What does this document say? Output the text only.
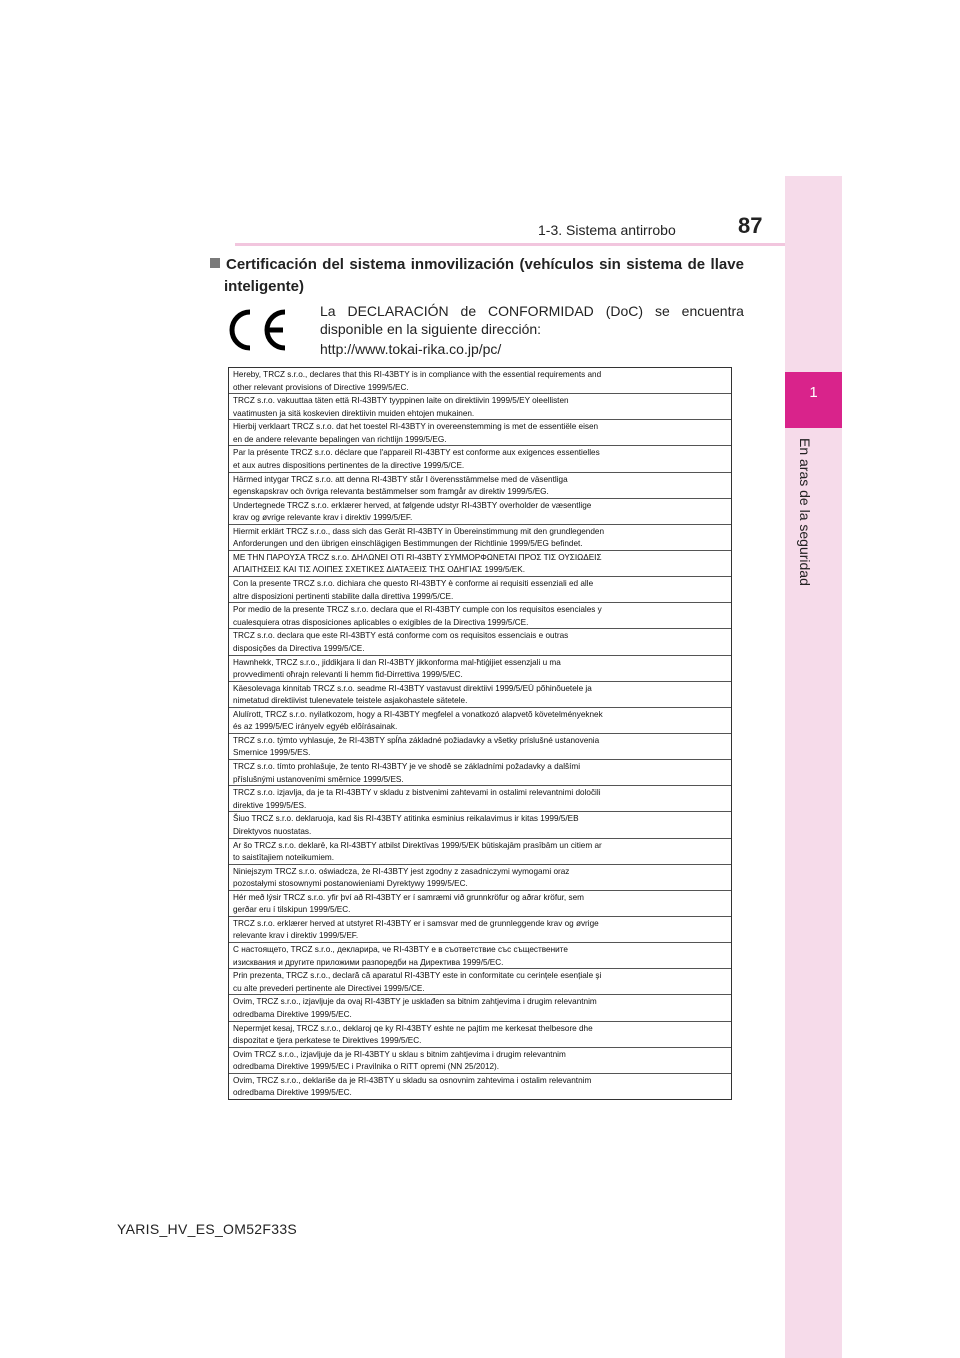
1
En aras de la seguridad
1-3. Sistema antirrobo	87
Certificación del sistema inmovilización (vehículos sin sistema de llave
inteligente)
La DECLARACIÓN de CONFORMIDAD (DoC) se encuentra
disponible en la siguiente dirección:
http://www.tokai-rika.co.jp/pc/
Hereby, TRCZ s.r.o., declares that this RI-43BTY is in compliance with the essential requirements and
other relevant provisions of Directive 1999/5/EC.
TRCZ s.r.o. vakuuttaa täten että RI-43BTY tyyppinen laite on direktiivin 1999/5/EY oleellisten
vaatimusten ja sitä koskevien direktiivin muiden ehtojen mukainen.
Hierbij verklaart TRCZ s.r.o. dat het toestel RI-43BTY in overeenstemming is met de essentiële eisen
en de andere relevante bepalingen van richtlijn 1999/5/EG.
Par la présente TRCZ s.r.o. déclare que l'appareil RI-43BTY est conforme aux exigences essentielles
et aux autres dispositions pertinentes de la directive 1999/5/CE.
Härmed intygar TRCZ s.r.o. att denna RI-43BTY står I överensstämmelse med de väsentliga
egenskapskrav och övriga relevanta bestämmelser som framgår av direktiv 1999/5/EG.
Undertegnede TRCZ s.r.o. erklærer herved, at følgende udstyr RI-43BTY overholder de væsentlige
krav og øvrige relevante krav i direktiv 1999/5/EF.
Hiermit erklärt TRCZ s.r.o., dass sich das Gerät RI-43BTY in Übereinstimmung mit den grundlegenden
Anforderungen und den übrigen einschlägigen Bestimmungen der Richtlinie 1999/5/EG befindet.
ΜΕ ΤΗΝ ΠΑΡΟΥΣΑ TRCZ s.r.o. ΔΗΛΩΝΕΙ ΟΤΙ RI-43BTY ΣΥΜΜΟΡΦΩΝΕΤΑΙ ΠΡΟΣ ΤΙΣ ΟΥΣΙΩΔΕΙΣ
ΑΠΑΙΤΗΣΕΙΣ ΚΑΙ ΤΙΣ ΛΟΙΠΕΣ ΣΧΕΤΙΚΕΣ ΔΙΑΤΑΞΕΙΣ ΤΗΣ ΟΔΗΓΙΑΣ 1999/5/ΕΚ.
Con la presente TRCZ s.r.o. dichiara che questo RI-43BTY è conforme ai requisiti essenziali ed alle
altre disposizioni pertinenti stabilite dalla direttiva 1999/5/CE.
Por medio de la presente TRCZ s.r.o. declara que el RI-43BTY cumple con los requisitos esenciales y
cualesquiera otras disposiciones aplicables o exigibles de la Directiva 1999/5/CE.
TRCZ s.r.o. declara que este RI-43BTY está conforme com os requisitos essenciais e outras
disposições da Directiva 1999/5/CE.
Hawnhekk, TRCZ s.r.o., jiddikjara li dan RI-43BTY jikkonforma mal-ħtiġijiet essenzjali u ma
provvedimenti oħrajn relevanti li hemm fid-Dirrettiva 1999/5/EC.
Käesolevaga kinnitab TRCZ s.r.o. seadme RI-43BTY vastavust direktiivi 1999/5/EÜ põhinõuetele ja
nimetatud direktiivist tulenevatele teistele asjakohastele sätetele.
Alulírott, TRCZ s.r.o. nyilatkozom, hogy a RI-43BTY megfelel a vonatkozó alapvetõ követelményeknek
és az 1999/5/EC irányelv egyéb elõírásainak.
TRCZ s.r.o. týmto vyhlasuje, že RI-43BTY spĺňa základné požiadavky a všetky príslušné ustanovenia
Smernice 1999/5/ES.
TRCZ s.r.o. tímto prohlašuje, že tento RI-43BTY je ve shodě se základními požadavky a dalšími
příslušnými ustanoveními směrnice 1999/5/ES.
TRCZ s.r.o. izjavlja, da je ta RI-43BTY v skladu z bistvenimi zahtevami in ostalimi relevantnimi določili
direktive 1999/5/ES.
Šiuo TRCZ s.r.o. deklaruoja, kad šis RI-43BTY atitinka esminius reikalavimus ir kitas 1999/5/EB
Direktyvos nuostatas.
Ar šo TRCZ s.r.o. deklarē, ka RI-43BTY atbilst Direktīvas 1999/5/EK būtiskajām prasībām un citiem ar
to saistītajiem noteikumiem.
Niniejszym TRCZ s.r.o. oświadcza, że RI-43BTY jest zgodny z zasadniczymi wymogami oraz
pozostałymi stosownymi postanowieniami Dyrektywy 1999/5/EC.
Hér með lýsir TRCZ s.r.o. yfir því að RI-43BTY er í samræmi við grunnkröfur og aðrar kröfur, sem
gerðar eru í tilskipun 1999/5/EC.
TRCZ s.r.o. erklærer herved at utstyret RI-43BTY er i samsvar med de grunnleggende krav og øvrige
relevante krav i direktiv 1999/5/EF.
С настоящето, TRCZ s.r.o., декларира, че RI-43BTY е в съответствие със съществените
изисквания и другите приложими разпоредби на Директива 1999/5/ЕС.
Prin prezenta, TRCZ s.r.o., declară că aparatul RI-43BTY este in conformitate cu cerințele esențiale şi
cu alte prevederi pertinente ale Directivei 1999/5/CE.
Ovim, TRCZ s.r.o., izjavljuje da ovaj RI-43BTY je usklađen sa bitnim zahtjevima i drugim relevantnim
odredbama Direktive 1999/5/EC.
Nepermjet kesaj, TRCZ s.r.o., deklaroj qe ky RI-43BTY eshte ne pajtim me kerkesat thelbesore dhe
dispozitat e tjera perkatese te Direktives 1999/5/EC.
Ovim TRCZ s.r.o., izjavljuje da je RI-43BTY u sklau s bitnim zahtjevima i drugim relevantnim
odredbama Direktive 1999/5/EC i Pravilnika o RiTT opremi (NN 25/2012).
Ovim, TRCZ s.r.o., deklariše da je RI-43BTY u skladu sa osnovnim zahtevima i ostalim relevantnim
odredbama Direktive 1999/5/EC.
YARIS_HV_ES_OM52F33S
